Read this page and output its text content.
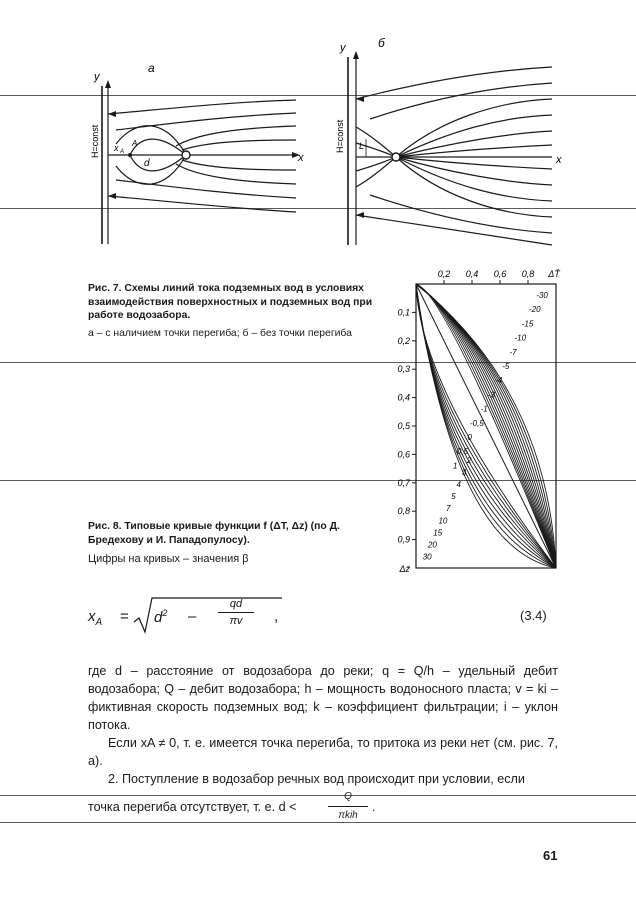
а
y
x
H=const	A
x A
d
б
y
x
H=const L
Рис. 7. Схемы линий тока подземных вод в условиях взаимодействия поверхностных и подземных вод при работе водозабора.
а – с наличием точки перегиба; б – без точки перегиба
0,2 0,4 0,6 0,8 ΔT̄
0,1
0,2
0,3
0,4
0,5
0,6
0,7
0,8
0,9
Δz̄
-30
-20
-15
-10
-7
-5
-4
-3
-1
-0,5
0
0,5
1
2
3
4
5
7
10
15
20
30
Рис. 8. Типовые кривые функции f (ΔT, Δz) (по Д. Бредехову и И. Пападопулосу).
Цифры на кривых – значения β
$x_A = d^2$ –
qd
πv	,	(3.4)

где d – расстояние от водозабора до реки; q = Q/h – удельный дебит водозабора; Q – дебит водозабора; h – мощность водоносного пласта; v = ki – фиктивная скорость подземных вод; k – коэффициент фильтрации; i – уклон потока.

Если xA ≠ 0, т. е. имеется точка перегиба, то притока из реки нет (см. рис. 7, а).

2. Поступление в водозабор речных вод происходит при условии, если

точка перегиба отсутствует, т. е. d <
Q
πkih
.

61
